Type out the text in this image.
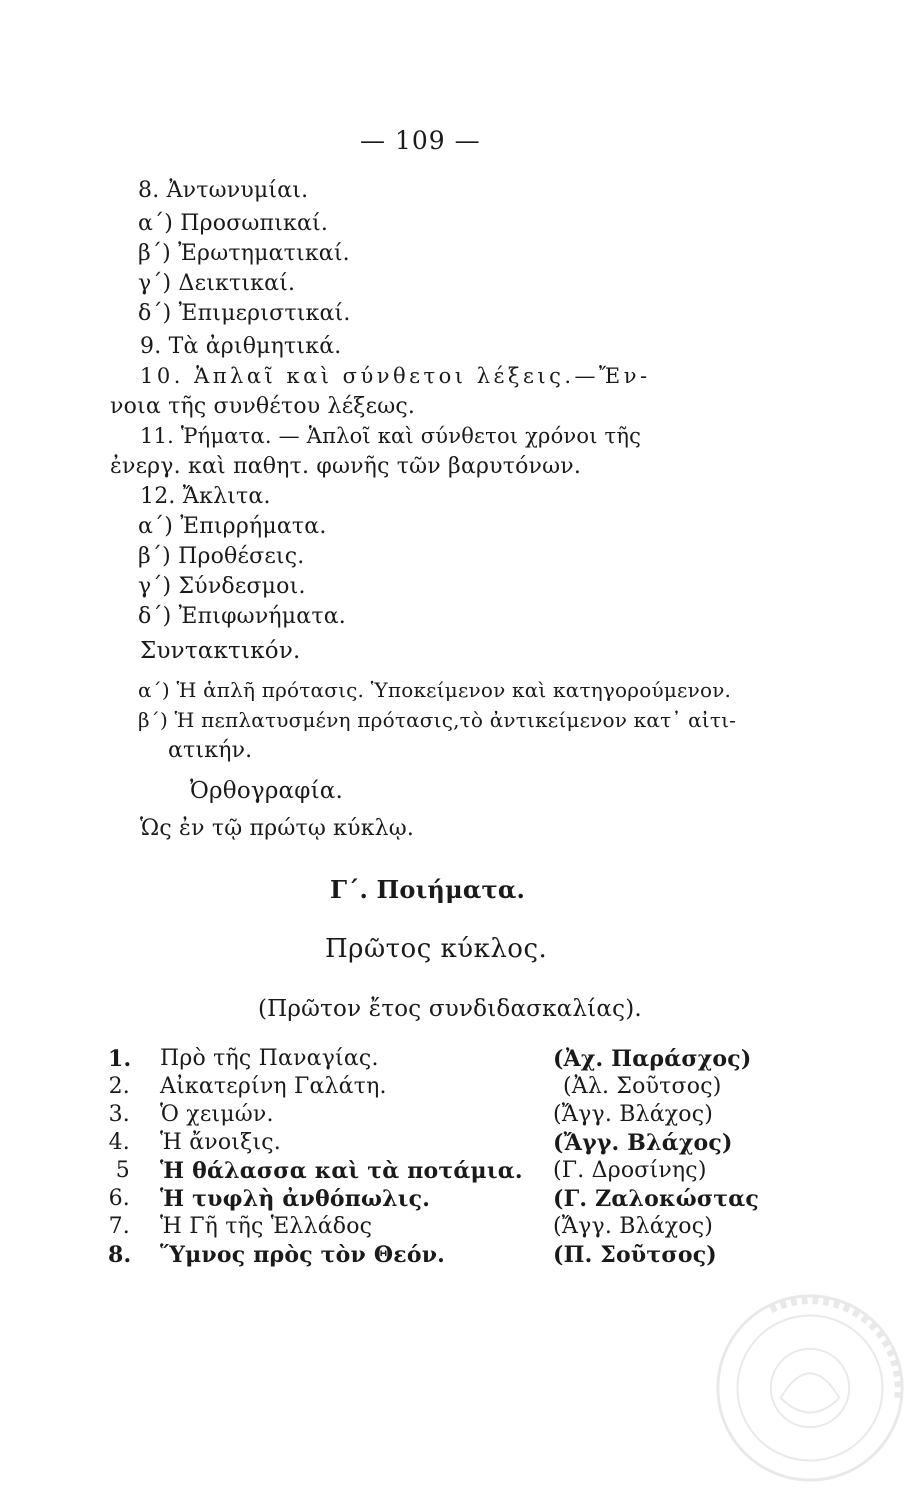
— 109 —
8. Ἀντωνυμίαι.
α΄) Προσωπικαί.
β΄) Ἐρωτηματικαί.
γ΄) Δεικτικαί.
δ΄) Ἐπιμεριστικαί.
9. Τὰ ἀριθμητικά.
10. Ἁπλαῖ καὶ σύνθετοι λέξεις.—Ἔν-
νοια τῆς συνθέτου λέξεως.
11. Ῥήματα. — Ἁπλοῖ καὶ σύνθετοι χρόνοι τῆς
ἐνεργ. καὶ παθητ. φωνῆς τῶν βαρυτόνων.
12. Ἄκλιτα.
α΄) Ἐπιρρήματα.
β΄) Προθέσεις.
γ΄) Σύνδεσμοι.
δ΄) Ἐπιφωνήματα.
Συντακτικόν.
α΄) Ἡ ἁπλῆ πρότασις. Ὑποκείμενον καὶ κατηγορούμενον.
β΄) Ἡ πεπλατυσμένη πρότασις,τὸ ἀντικείμενον κατ᾽ αἰτι-
ατικήν.
Ὀρθογραφία.
Ὡς ἐν τῷ πρώτῳ κύκλῳ.
Γ΄. Ποιήματα.
Πρῶτος κύκλος.
(Πρῶτον ἔτος συνδιδασκαλίας).
1. Πρὸ τῆς Παναγίας.	(Ἀχ. Παράσχος)
2. Αἰκατερίνη Γαλάτη.	(Ἀλ. Σοῦτσος)
3. Ὁ χειμών.	(Ἄγγ. Βλάχος)
4. Ἡ ἄνοιξις.	(Ἄγγ. Βλάχος)
5 Ἡ θάλασσα καὶ τὰ ποτάμια. (Γ. Δροσίνης)
6. Ἡ τυφλὴ ἀνθόπωλις.	(Γ. Ζαλοκώστας
7. Ἡ Γῆ τῆς Ἑλλάδος	(Ἄγγ. Βλάχος)
8. Ὕμνος πρὸς τὸν Θεόν.	(Π. Σοῦτσος)
